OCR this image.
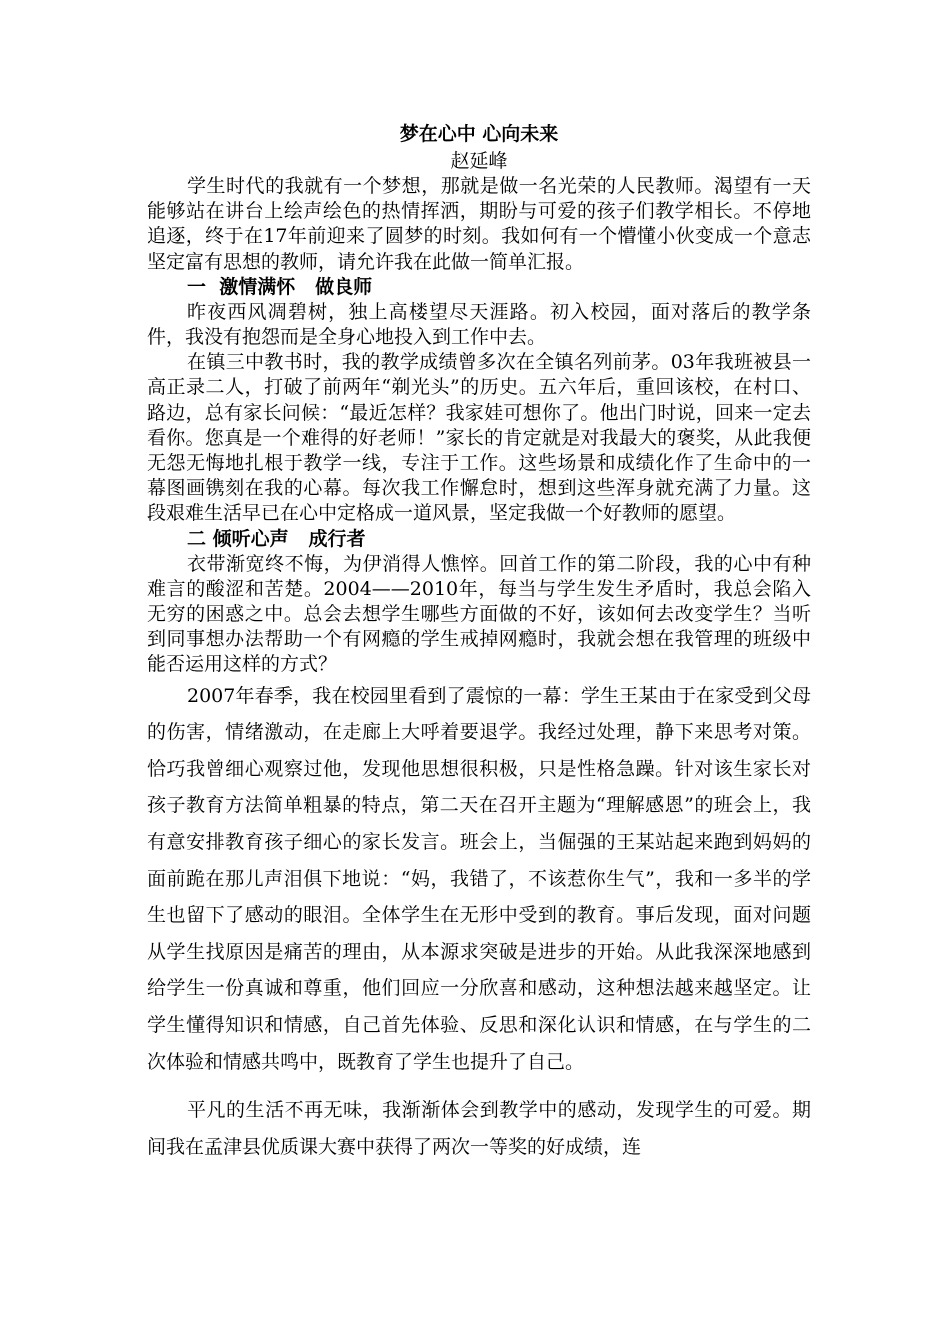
梦在心中 心向未来

赵延峰

学生时代的我就有一个梦想，那就是做一名光荣的人民教师。渴望有一天能够站在讲台上绘声绘色的热情挥洒，期盼与可爱的孩子们教学相长。不停地追逐，终于在17年前迎来了圆梦的时刻。我如何有一个懵懂小伙变成一个意志坚定富有思想的教师，请允许我在此做一简单汇报。

一  激情满怀   做良师

昨夜西风凋碧树，独上高楼望尽天涯路。初入校园，面对落后的教学条件，我没有抱怨而是全身心地投入到工作中去。

在镇三中教书时，我的教学成绩曾多次在全镇名列前茅。03年我班被县一高正录二人，打破了前两年“剃光头”的历史。五六年后，重回该校，在村口、路边，总有家长问候：“最近怎样？我家娃可想你了。他出门时说，回来一定去看你。您真是一个难得的好老师！”家长的肯定就是对我最大的褒奖，从此我便无怨无悔地扎根于教学一线，专注于工作。这些场景和成绩化作了生命中的一幕图画镌刻在我的心幕。每次我工作懈怠时，想到这些浑身就充满了力量。这段艰难生活早已在心中定格成一道风景，坚定我做一个好教师的愿望。

二 倾听心声   成行者

衣带渐宽终不悔，为伊消得人憔悴。回首工作的第二阶段，我的心中有种难言的酸涩和苦楚。2004——2010年，每当与学生发生矛盾时，我总会陷入无穷的困惑之中。总会去想学生哪些方面做的不好，该如何去改变学生？当听到同事想办法帮助一个有网瘾的学生戒掉网瘾时，我就会想在我管理的班级中能否运用这样的方式？

2007年春季，我在校园里看到了震惊的一幕：学生王某由于在家受到父母的伤害，情绪激动，在走廊上大呼着要退学。我经过处理，静下来思考对策。恰巧我曾细心观察过他，发现他思想很积极，只是性格急躁。针对该生家长对孩子教育方法简单粗暴的特点，第二天在召开主题为“理解感恩”的班会上，我有意安排教育孩子细心的家长发言。班会上，当倔强的王某站起来跑到妈妈的面前跪在那儿声泪俱下地说：“妈，我错了，不该惹你生气”，我和一多半的学生也留下了感动的眼泪。全体学生在无形中受到的教育。事后发现，面对问题从学生找原因是痛苦的理由，从本源求突破是进步的开始。从此我深深地感到给学生一份真诚和尊重，他们回应一分欣喜和感动，这种想法越来越坚定。让学生懂得知识和情感，自己首先体验、反思和深化认识和情感，在与学生的二次体验和情感共鸣中，既教育了学生也提升了自己。

平凡的生活不再无味，我渐渐体会到教学中的感动，发现学生的可爱。期间我在孟津县优质课大赛中获得了两次一等奖的好成绩，连
